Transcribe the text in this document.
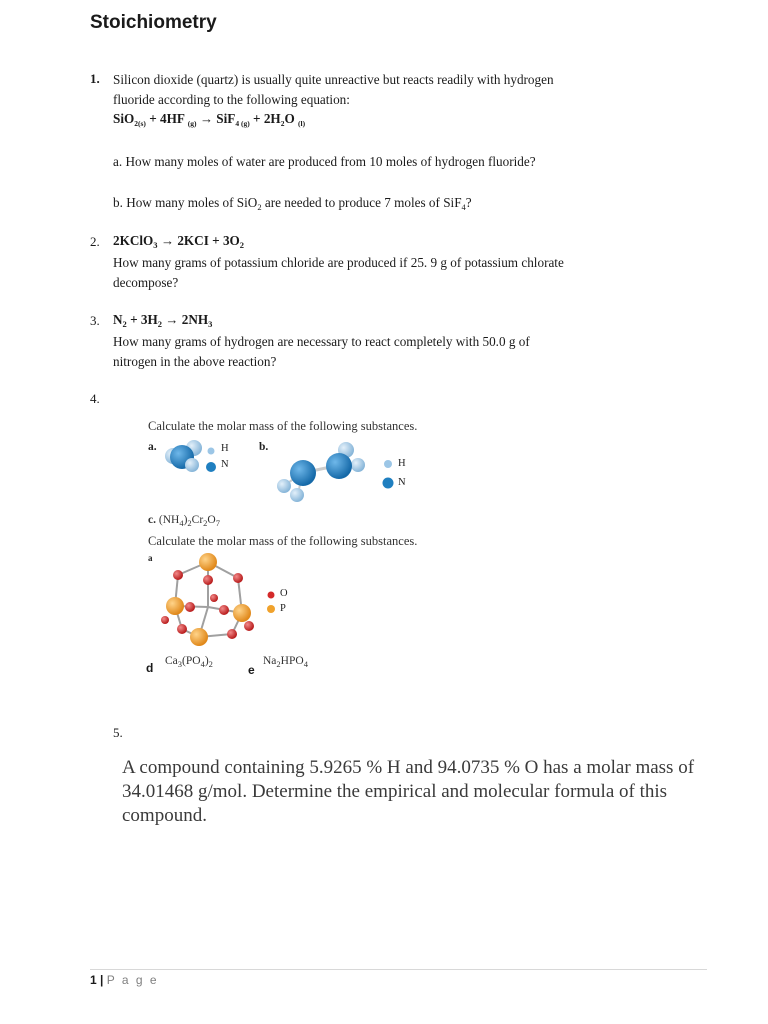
Stoichiometry
1. Silicon dioxide (quartz) is usually quite unreactive but reacts readily with hydrogen
fluoride according to the following equation:
SiO$_{2(s)}$ + 4HF $_{(g)} \to SiF_{4 (g)} + 2H_2O$ $_{(l)}$
a. How many moles of water are produced from 10 moles of hydrogen fluoride?
b. How many moles of SiO$_2$ are needed to produce 7 moles of SiF$_4$?
2. 2KClO$_3$ → $2KCI + 3O_2$
How many grams of potassium chloride are produced if 25. 9 g of potassium chlorate
decompose?
3. $N_2 + 3H_2 \to 2NH_3$
How many grams of hydrogen are necessary to react completely with 50.0 g of
nitrogen in the above reaction?
4.
Calculate the molar mass of the following substances.
a.	b.
H
N	H
N
c. $(NH_4)_2Cr_2O_7$
Calculate the molar mass of the following substances.
a
O
P
d $Ca_3(PO_4)_2$	e
$Na_2HPO_4$
5.
A compound containing 5.9265 % H and 94.0735 % O has a molar mass of
34.01468 g/mol. Determine the empirical and molecular formula of this
compound.
1 | P a g e
